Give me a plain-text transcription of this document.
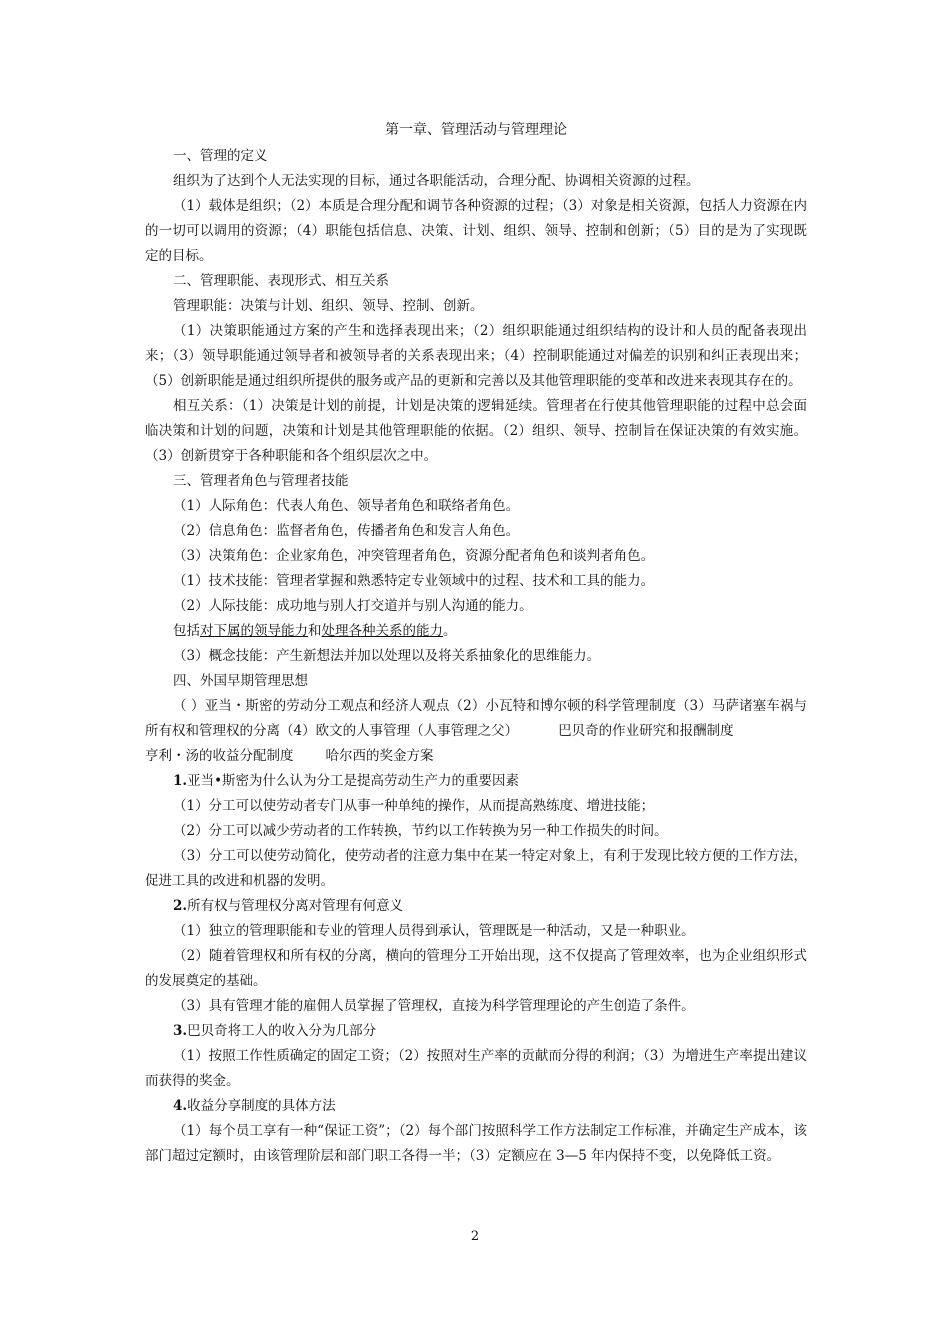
第一章、管理活动与管理理论

一、管理的定义

组织为了达到个人无法实现的目标，通过各职能活动，合理分配、协调相关资源的过程。

（1）载体是组织；（2）本质是合理分配和调节各种资源的过程；（3）对象是相关资源，包括人力资源在内的一切可以调用的资源；（4）职能包括信息、决策、计划、组织、领导、控制和创新；（5）目的是为了实现既定的目标。

二、管理职能、表现形式、相互关系

管理职能：决策与计划、组织、领导、控制、创新。

（1）决策职能通过方案的产生和选择表现出来；（2）组织职能通过组织结构的设计和人员的配备表现出来；（3）领导职能通过领导者和被领导者的关系表现出来；（4）控制职能通过对偏差的识别和纠正表现出来；（5）创新职能是通过组织所提供的服务或产品的更新和完善以及其他管理职能的变革和改进来表现其存在的。

相互关系：（1）决策是计划的前提，计划是决策的逻辑延续。管理者在行使其他管理职能的过程中总会面临决策和计划的问题，决策和计划是其他管理职能的依据。（2）组织、领导、控制旨在保证决策的有效实施。（3）创新贯穿于各种职能和各个组织层次之中。

三、管理者角色与管理者技能

（1）人际角色：代表人角色、领导者角色和联络者角色。

（2）信息角色：监督者角色，传播者角色和发言人角色。

（3）决策角色：企业家角色，冲突管理者角色，资源分配者角色和谈判者角色。

（1）技术技能：管理者掌握和熟悉特定专业领域中的过程、技术和工具的能力。

（2）人际技能：成功地与别人打交道并与别人沟通的能力。

包括对下属的领导能力和处理各种关系的能力。

（3）概念技能：产生新想法并加以处理以及将关系抽象化的思维能力。

四、外国早期管理思想

（ ）亚当・斯密的劳动分工观点和经济人观点（2）小瓦特和博尔顿的科学管理制度（3）马萨诸塞车祸与所有权和管理权的分离（4）欧文的人事管理（人事管理之父）	巴贝奇的作业研究和报酬制度

亨利・汤的收益分配制度 哈尔西的奖金方案

1.亚当•斯密为什么认为分工是提高劳动生产力的重要因素

（1）分工可以使劳动者专门从事一种单纯的操作，从而提高熟练度、增进技能；

（2）分工可以减少劳动者的工作转换，节约以工作转换为另一种工作损失的时间。

（3）分工可以使劳动简化，使劳动者的注意力集中在某一特定对象上，有利于发现比较方便的工作方法，促进工具的改进和机器的发明。

2.所有权与管理权分离对管理有何意义

（1）独立的管理职能和专业的管理人员得到承认，管理既是一种活动，又是一种职业。

（2）随着管理权和所有权的分离，横向的管理分工开始出现，这不仅提高了管理效率，也为企业组织形式的发展奠定的基础。

（3）具有管理才能的雇佣人员掌握了管理权，直接为科学管理理论的产生创造了条件。

3.巴贝奇将工人的收入分为几部分

（1）按照工作性质确定的固定工资；（2）按照对生产率的贡献而分得的利润；（3）为增进生产率提出建议而获得的奖金。

4.收益分享制度的具体方法

（1）每个员工享有一种“保证工资”；（2）每个部门按照科学工作方法制定工作标准，并确定生产成本，该部门超过定额时，由该管理阶层和部门职工各得一半；（3）定额应在 3—5 年内保持不变，以免降低工资。

2
